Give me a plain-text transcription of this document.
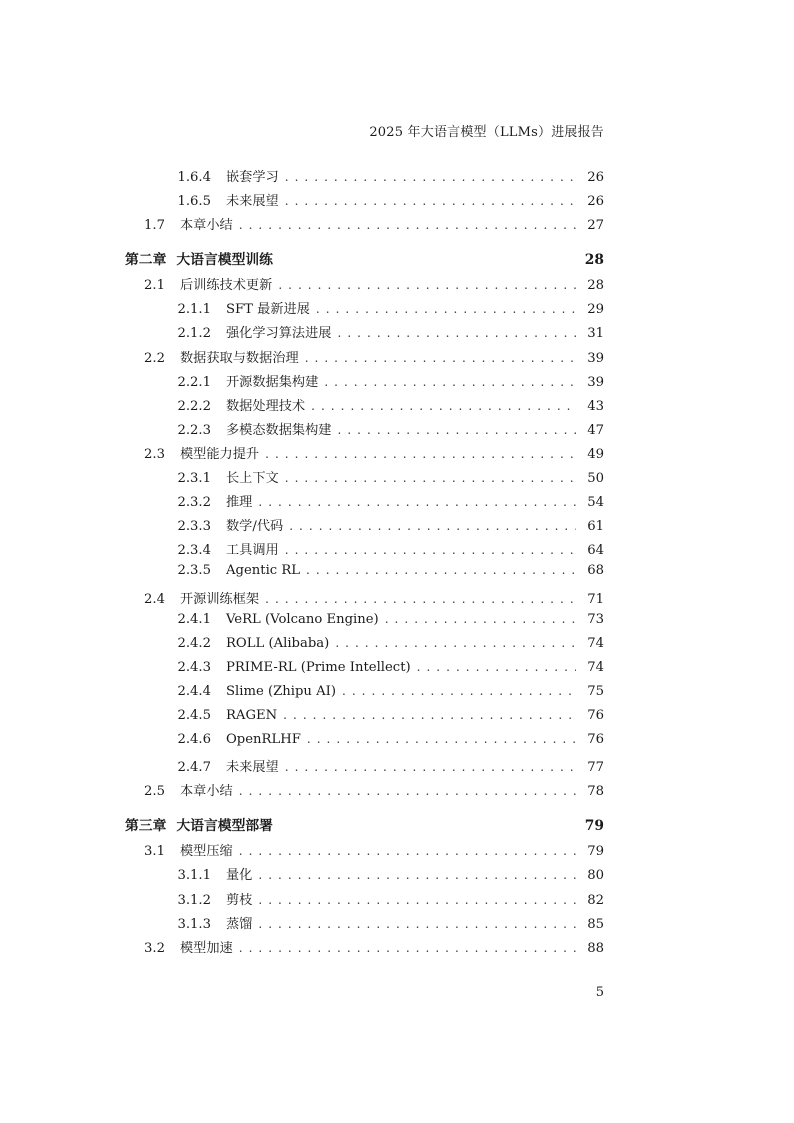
2025 年大语言模型（LLMs）进展报告
1.6.4	嵌套学习 . . .	26
1.6.5	未来展望 . . .	26
1.7	本章小结 . . .	27
第二章 大语言模型训练	28
2.1	后训练技术更新 . . .	28
2.1.1	SFT 最新进展 . . .	29
2.1.2	强化学习算法进展 . . .	31
2.2	数据获取与数据治理 . . .	39
2.2.1	开源数据集构建 . . .	39
2.2.2	数据处理技术 . . .	43
2.2.3	多模态数据集构建 . . .	47
2.3	模型能力提升 . . .	49
2.3.1	长上下文 . . .	50
2.3.2	推理 . . .	54
2.3.3	数学/代码 . . .	61
2.3.4	工具调用 . . .	64
2.3.5	Agentic RL . . .	68
2.4	开源训练框架 . . .	71
2.4.1	VeRL (Volcano Engine) . . .	73
2.4.2	ROLL (Alibaba) . . .	74
2.4.3	PRIME-RL (Prime Intellect) . . .	74
2.4.4	Slime (Zhipu AI) . . .	75
2.4.5	RAGEN . . .	76
2.4.6	OpenRLHF . . .	76
2.4.7	未来展望 . . .	77
2.5	本章小结 . . .	78
第三章 大语言模型部署	79
3.1	模型压缩 . . .	79
3.1.1	量化 . . .	80
3.1.2	剪枝 . . .	82
3.1.3	蒸馏 . . .	85
3.2	模型加速 . . .	88
5
